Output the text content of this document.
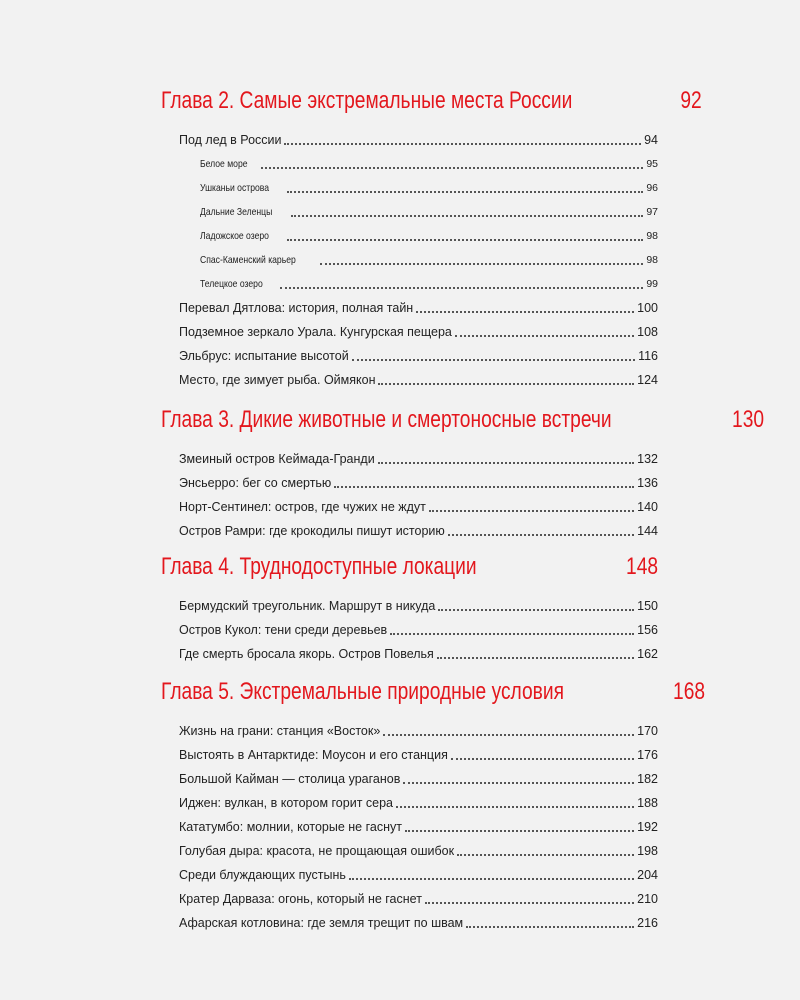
Глава 2. Самые экстремальные места России	92
Под лед в России	94
Белое море	95
Ушканьи острова	96
Дальние Зеленцы	97
Ладожское озеро	98
Спас-Каменский карьер	98
Телецкое озеро	99
Перевал Дятлова: история, полная тайн	100
Подземное зеркало Урала. Кунгурская пещера	108
Эльбрус: испытание высотой	116
Место, где зимует рыба. Оймякон	124
Глава 3. Дикие животные и смертоносные встречи	130
Змеиный остров Кеймада-Гранди	132
Энсьерро: бег со смертью	136
Норт-Сентинел: остров, где чужих не ждут	140
Остров Рамри: где крокодилы пишут историю	144
Глава 4. Труднодоступные локации	148
Бермудский треугольник. Маршрут в никуда	150
Остров Кукол: тени среди деревьев	156
Где смерть бросала якорь. Остров Повелья	162
Глава 5. Экстремальные природные условия	168
Жизнь на грани: станция «Восток»	170
Выстоять в Антарктиде: Моусон и его станция	176
Большой Кайман — столица ураганов	182
Иджен: вулкан, в котором горит сера	188
Кататумбо: молнии, которые не гаснут	192
Голубая дыра: красота, не прощающая ошибок	198
Среди блуждающих пустынь	204
Кратер Дарваза: огонь, который не гаснет	210
Афарская котловина: где земля трещит по швам	216
